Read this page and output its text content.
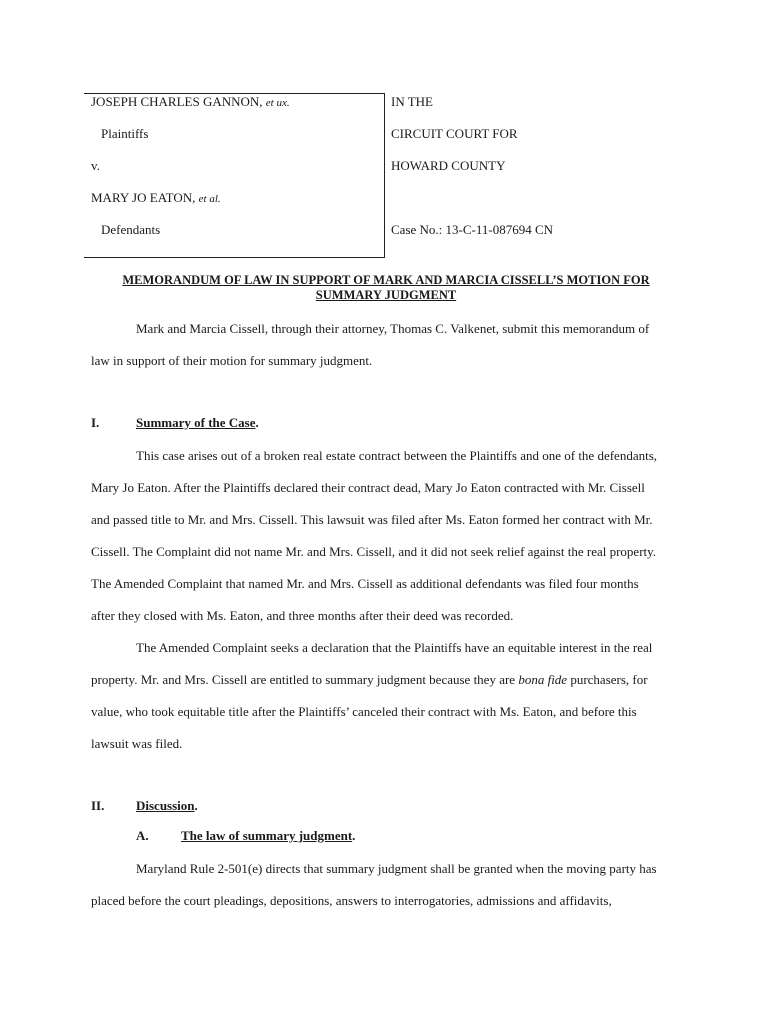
JOSEPH CHARLES GANNON, et ux.
Plaintiffs
v.
MARY JO EATON, et al.
Defendants
IN THE
CIRCUIT COURT FOR
HOWARD COUNTY
Case No.: 13-C-11-087694 CN
MEMORANDUM OF LAW IN SUPPORT OF MARK AND MARCIA CISSELL’S MOTION FOR
SUMMARY JUDGMENT
Mark and Marcia Cissell, through their attorney, Thomas C. Valkenet, submit this memorandum of
law in support of their motion for summary judgment.
I.	Summary of the Case.
This case arises out of a broken real estate contract between the Plaintiffs and one of the defendants,
Mary Jo Eaton. After the Plaintiffs declared their contract dead, Mary Jo Eaton contracted with Mr. Cissell
and passed title to Mr. and Mrs. Cissell. This lawsuit was filed after Ms. Eaton formed her contract with Mr.
Cissell. The Complaint did not name Mr. and Mrs. Cissell, and it did not seek relief against the real property.
The Amended Complaint that named Mr. and Mrs. Cissell as additional defendants was filed four months
after they closed with Ms. Eaton, and three months after their deed was recorded.
The Amended Complaint seeks a declaration that the Plaintiffs have an equitable interest in the real
property. Mr. and Mrs. Cissell are entitled to summary judgment because they are bona fide purchasers, for
value, who took equitable title after the Plaintiffs’ canceled their contract with Ms. Eaton, and before this
lawsuit was filed.
II. Discussion.
A. The law of summary judgment.
Maryland Rule 2-501(e) directs that summary judgment shall be granted when the moving party has
placed before the court pleadings, depositions, answers to interrogatories, admissions and affidavits,
